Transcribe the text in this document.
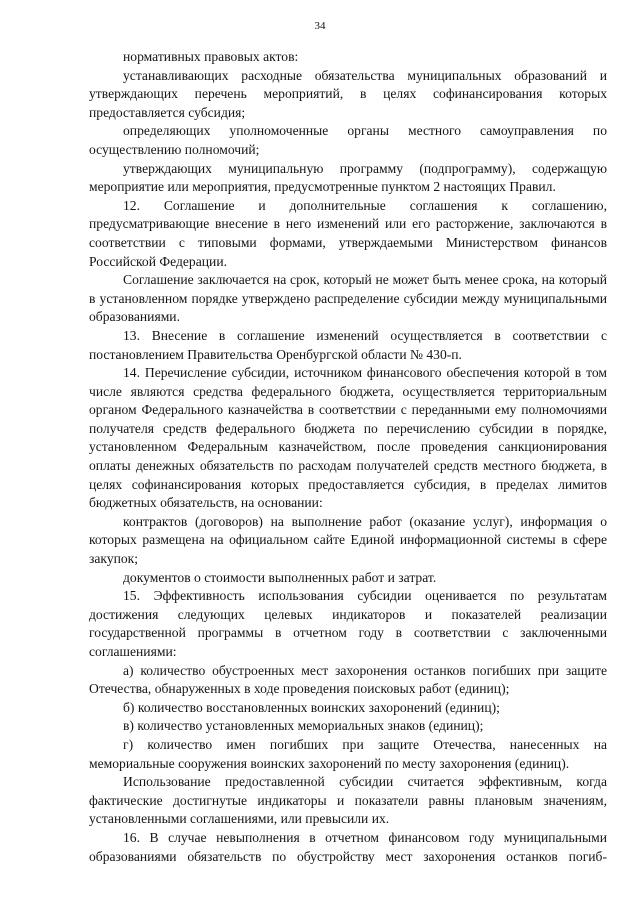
34

нормативных правовых актов:

устанавливающих расходные обязательства муниципальных образований и утверждающих перечень мероприятий, в целях софинансирования которых предоставляется субсидия;

определяющих уполномоченные органы местного самоуправления по осуществлению полномочий;

утверждающих муниципальную программу (подпрограмму), содержащую мероприятие или мероприятия, предусмотренные пунктом 2 настоящих Правил.

12. Соглашение и дополнительные соглашения к соглашению, предусматривающие внесение в него изменений или его расторжение, заключаются в соответствии с типовыми формами, утверждаемыми Министерством финансов Российской Федерации.

Соглашение заключается на срок, который не может быть менее срока, на который в установленном порядке утверждено распределение субсидии между муниципальными образованиями.

13. Внесение в соглашение изменений осуществляется в соответствии с постановлением Правительства Оренбургской области № 430-п.

14. Перечисление субсидии, источником финансового обеспечения которой в том числе являются средства федерального бюджета, осуществляется территориальным органом Федерального казначейства в соответствии с переданными ему полномочиями получателя средств федерального бюджета по перечислению субсидии в порядке, установленном Федеральным казначейством, после проведения санкционирования оплаты денежных обязательств по расходам получателей средств местного бюджета, в целях софинансирования которых предоставляется субсидия, в пределах лимитов бюджетных обязательств, на основании:

контрактов (договоров) на выполнение работ (оказание услуг), информация о которых размещена на официальном сайте Единой информационной системы в сфере закупок;

документов о стоимости выполненных работ и затрат.

15. Эффективность использования субсидии оценивается по результатам достижения следующих целевых индикаторов и показателей реализации государственной программы в отчетном году в соответствии с заключенными соглашениями:

а) количество обустроенных мест захоронения останков погибших при защите Отечества, обнаруженных в ходе проведения поисковых работ (единиц);

б) количество восстановленных воинских захоронений (единиц);

в) количество установленных мемориальных знаков (единиц);

г) количество имен погибших при защите Отечества, нанесенных на мемориальные сооружения воинских захоронений по месту захоронения (единиц).

Использование предоставленной субсидии считается эффективным, когда фактические достигнутые индикаторы и показатели равны плановым значениям, установленными соглашениями, или превысили их.

16. В случае невыполнения в отчетном финансовом году муниципальными образованиями обязательств по обустройству мест захоронения останков погиб-
